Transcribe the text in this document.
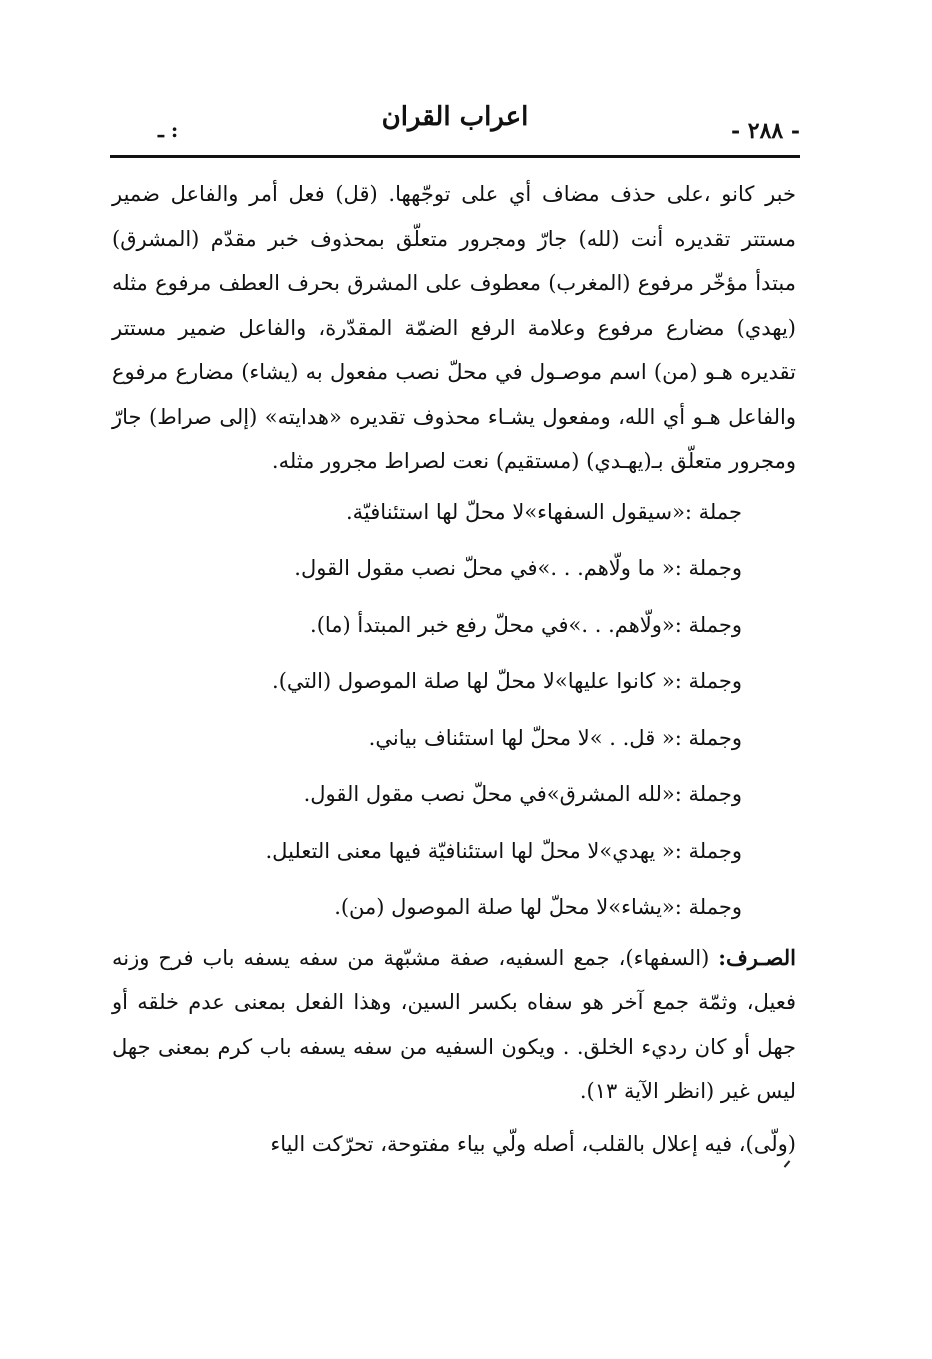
ـ :	اعراب القران	- ٢٨٨ -

خبر كانو ،على حذف مضاف أي على توجّهها. (قل) فعل أمر والفاعل ضمير مستتر تقديره أنت (لله) جارّ ومجرور متعلّق بمحذوف خبر مقدّم (المشرق) مبتدأ مؤخّر مرفوع (المغرب) معطوف على المشرق بحرف العطف مرفوع مثله (يهدي) مضارع مرفوع وعلامة الرفع الضمّة المقدّرة، والفاعل ضمير مستتر تقديره هـو (من) اسم موصـول في محلّ نصب مفعول به (يشاء) مضارع مرفوع والفاعل هـو أي الله، ومفعول يشـاء محذوف تقديره «هدايته» (إلى صراط) جارّ ومجرور متعلّق بـ(يهـدي) (مستقيم) نعت لصراط مجرور مثله.

جملة :«سيقول السفهاء»لا محلّ لها استئنافيّة.
وجملة :« ما ولّاهم. . .»في محلّ نصب مقول القول.
وجملة :«ولّاهم. . .»في محلّ رفع خبر المبتدأ (ما).
وجملة :« كانوا عليها»لا محلّ لها صلة الموصول (التي).
وجملة :« قل. . »لا محلّ لها استئناف بياني.
وجملة :«لله المشرق»في محلّ نصب مقول القول.
وجملة :« يهدي»لا محلّ لها استئنافيّة فيها معنى التعليل.
وجملة :«يشاء»لا محلّ لها صلة الموصول (من).

الصـرف: (السفهاء)، جمع السفيه، صفة مشبّهة من سفه يسفه باب فرح وزنه فعيل، وثمّة جمع آخر هو سفاه بكسر السين، وهذا الفعل بمعنى عدم خلقه أو جهل أو كان رديء الخلق. . ويكون السفيه من سفه يسفه باب كرم بمعنى جهل ليس غير (انظر الآية ١٣).

(ولّى)، فيه إعلال بالقلب، أصله ولّي بياء مفتوحة، تحرّكت الياء
